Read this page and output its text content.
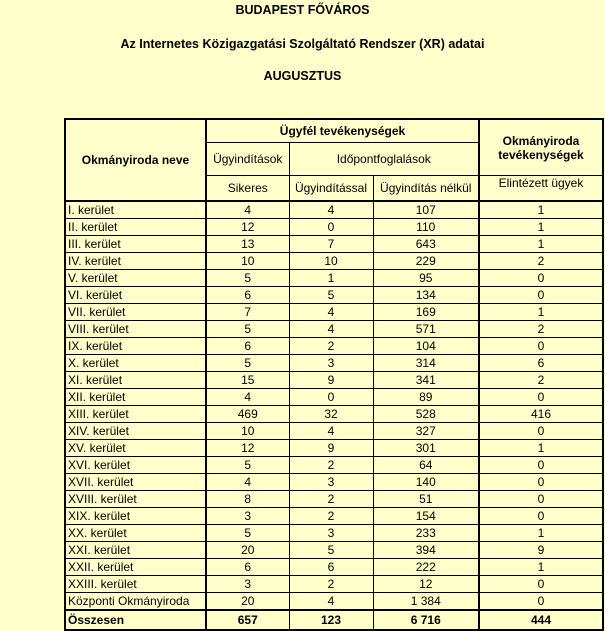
BUDAPEST FŐVÁROS
Az Internetes Közigazgatási Szolgáltató Rendszer (XR) adatai
AUGUSZTUS
Okmányiroda neve	Ügyfél tevékenységek			Okmányiroda tevékenységek
	Ügyindítások	Időpontfoglalások		
	Sikeres	Ügyindítással	Ügyindítás nélkül	Elintézett ügyek
I. kerület	4	4	107	1
II. kerület	12	0	110	1
III. kerület	13	7	643	1
IV. kerület	10	10	229	2
V. kerület	5	1	95	0
VI. kerület	6	5	134	0
VII. kerület	7	4	169	1
VIII. kerület	5	4	571	2
IX. kerület	6	2	104	0
X. kerület	5	3	314	6
XI. kerület	15	9	341	2
XII. kerület	4	0	89	0
XIII. kerület	469	32	528	416
XIV. kerület	10	4	327	0
XV. kerület	12	9	301	1
XVI. kerület	5	2	64	0
XVII. kerület	4	3	140	0
XVIII. kerület	8	2	51	0
XIX. kerület	3	2	154	0
XX. kerület	5	3	233	1
XXI. kerület	20	5	394	9
XXII. kerület	6	6	222	1
XXIII. kerület	3	2	12	0
Központi Okmányiroda	20	4	1 384	0
Összesen	657	123	6 716	444
